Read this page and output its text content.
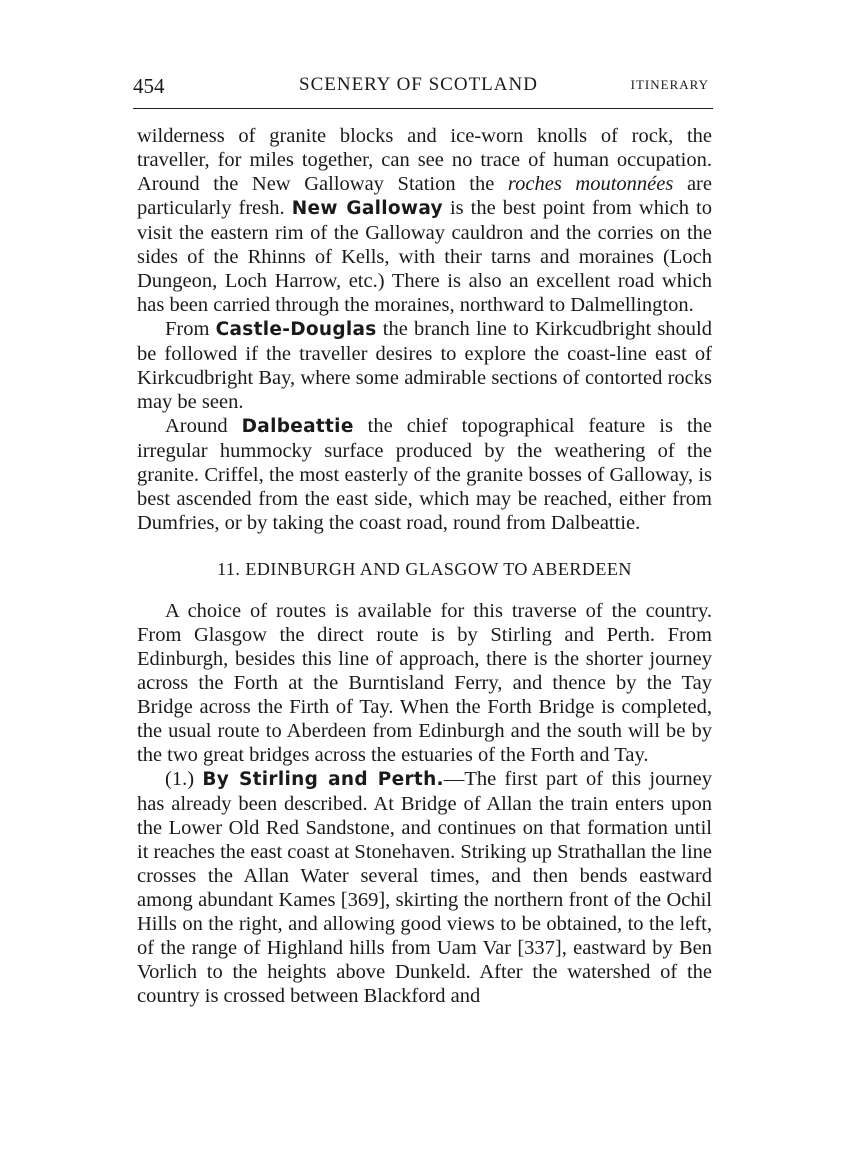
454	SCENERY OF SCOTLAND	ITINERARY

wilderness of granite blocks and ice-worn knolls of rock, the traveller, for miles together, can see no trace of human occupation. Around the New Galloway Station the roches moutonnées are particularly fresh. New Galloway is the best point from which to visit the eastern rim of the Galloway cauldron and the corries on the sides of the Rhinns of Kells, with their tarns and moraines (Loch Dungeon, Loch Harrow, etc.) There is also an excellent road which has been carried through the moraines, northward to Dalmellington.

From Castle-Douglas the branch line to Kirkcudbright should be followed if the traveller desires to explore the coast-line east of Kirkcudbright Bay, where some admirable sections of contorted rocks may be seen.

Around Dalbeattie the chief topographical feature is the irregular hummocky surface produced by the weathering of the granite. Criffel, the most easterly of the granite bosses of Galloway, is best ascended from the east side, which may be reached, either from Dumfries, or by taking the coast road, round from Dalbeattie.

11. EDINBURGH AND GLASGOW TO ABERDEEN

A choice of routes is available for this traverse of the country. From Glasgow the direct route is by Stirling and Perth. From Edinburgh, besides this line of approach, there is the shorter journey across the Forth at the Burntisland Ferry, and thence by the Tay Bridge across the Firth of Tay. When the Forth Bridge is completed, the usual route to Aberdeen from Edinburgh and the south will be by the two great bridges across the estuaries of the Forth and Tay.

(1.) By Stirling and Perth.—The first part of this journey has already been described. At Bridge of Allan the train enters upon the Lower Old Red Sandstone, and continues on that formation until it reaches the east coast at Stonehaven. Striking up Strathallan the line crosses the Allan Water several times, and then bends eastward among abundant Kames [369], skirting the northern front of the Ochil Hills on the right, and allowing good views to be obtained, to the left, of the range of Highland hills from Uam Var [337], eastward by Ben Vorlich to the heights above Dunkeld. After the watershed of the country is crossed between Blackford and
